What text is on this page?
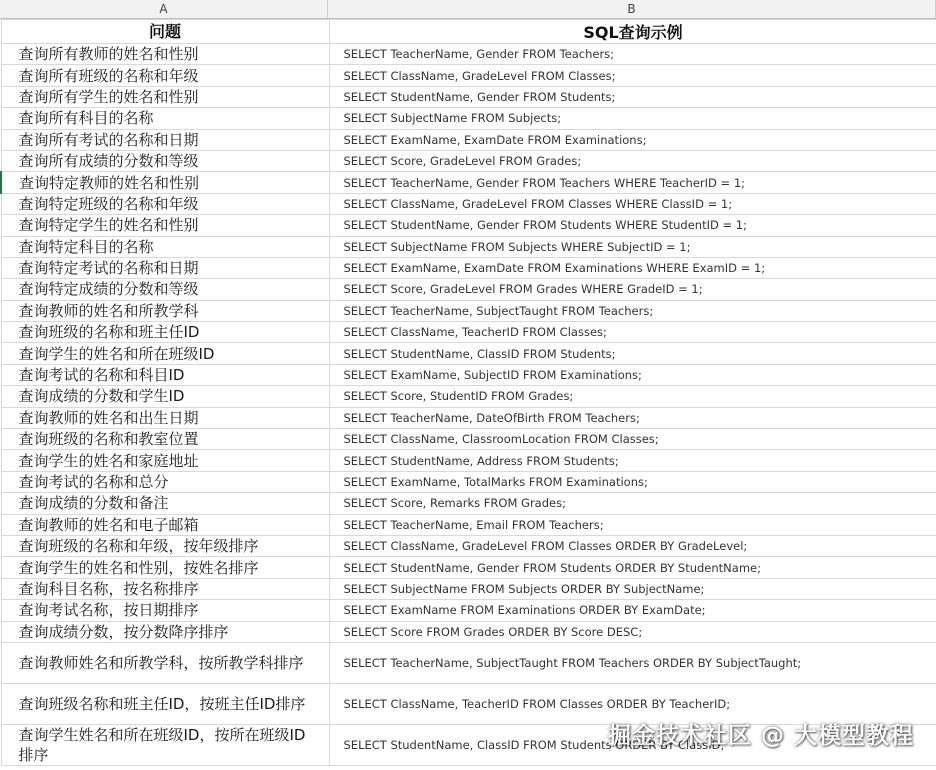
A	B
问题	SQL查询示例
查询所有教师的姓名和性别	SELECT TeacherName, Gender FROM Teachers;
查询所有班级的名称和年级	SELECT ClassName, GradeLevel FROM Classes;
查询所有学生的姓名和性别	SELECT StudentName, Gender FROM Students;
查询所有科目的名称	SELECT SubjectName FROM Subjects;
查询所有考试的名称和日期	SELECT ExamName, ExamDate FROM Examinations;
查询所有成绩的分数和等级	SELECT Score, GradeLevel FROM Grades;
查询特定教师的姓名和性别	SELECT TeacherName, Gender FROM Teachers WHERE TeacherID = 1;
查询特定班级的名称和年级	SELECT ClassName, GradeLevel FROM Classes WHERE ClassID = 1;
查询特定学生的姓名和性别	SELECT StudentName, Gender FROM Students WHERE StudentID = 1;
查询特定科目的名称	SELECT SubjectName FROM Subjects WHERE SubjectID = 1;
查询特定考试的名称和日期	SELECT ExamName, ExamDate FROM Examinations WHERE ExamID = 1;
查询特定成绩的分数和等级	SELECT Score, GradeLevel FROM Grades WHERE GradeID = 1;
查询教师的姓名和所教学科	SELECT TeacherName, SubjectTaught FROM Teachers;
查询班级的名称和班主任ID	SELECT ClassName, TeacherID FROM Classes;
查询学生的姓名和所在班级ID	SELECT StudentName, ClassID FROM Students;
查询考试的名称和科目ID	SELECT ExamName, SubjectID FROM Examinations;
查询成绩的分数和学生ID	SELECT Score, StudentID FROM Grades;
查询教师的姓名和出生日期	SELECT TeacherName, DateOfBirth FROM Teachers;
查询班级的名称和教室位置	SELECT ClassName, ClassroomLocation FROM Classes;
查询学生的姓名和家庭地址	SELECT StudentName, Address FROM Students;
查询考试的名称和总分	SELECT ExamName, TotalMarks FROM Examinations;
查询成绩的分数和备注	SELECT Score, Remarks FROM Grades;
查询教师的姓名和电子邮箱	SELECT TeacherName, Email FROM Teachers;
查询班级的名称和年级，按年级排序	SELECT ClassName, GradeLevel FROM Classes ORDER BY GradeLevel;
查询学生的姓名和性别，按姓名排序	SELECT StudentName, Gender FROM Students ORDER BY StudentName;
查询科目名称，按名称排序	SELECT SubjectName FROM Subjects ORDER BY SubjectName;
查询考试名称，按日期排序	SELECT ExamName FROM Examinations ORDER BY ExamDate;
查询成绩分数，按分数降序排序	SELECT Score FROM Grades ORDER BY Score DESC;
查询教师姓名和所教学科，按所教学科排序	SELECT TeacherName, SubjectTaught FROM Teachers ORDER BY SubjectTaught;
查询班级名称和班主任ID，按班主任ID排序	SELECT ClassName, TeacherID FROM Classes ORDER BY TeacherID;
查询学生姓名和所在班级ID，按所在班级ID排序	SELECT StudentName, ClassID FROM Students ORDER BY ClassID;
掘金技术社区 @ 大模型教程
